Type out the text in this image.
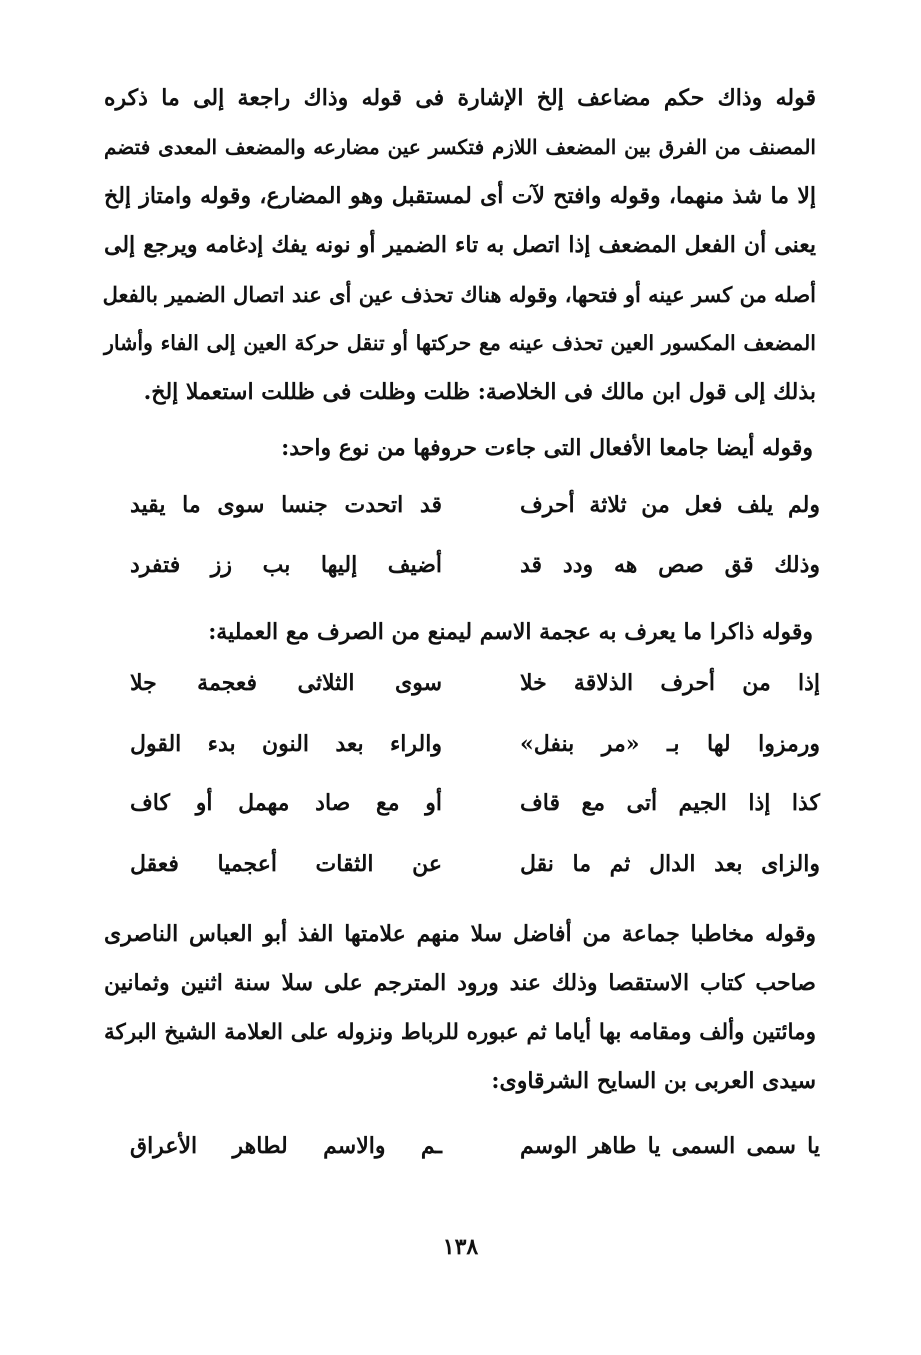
قوله وذاك حكم مضاعف إلخ الإشارة فى قوله وذاك راجعة إلى ما ذكره
المصنف من الفرق بين المضعف اللازم فتكسر عين مضارعه والمضعف المعدى فتضم
إلا ما شذ منهما، وقوله وافتح لآت أى لمستقبل وهو المضارع، وقوله وامتاز إلخ
يعنى أن الفعل المضعف إذا اتصل به تاء الضمير أو نونه يفك إدغامه ويرجع إلى
أصله من كسر عينه أو فتحها، وقوله هناك تحذف عين أى عند اتصال الضمير بالفعل
المضعف المكسور العين تحذف عينه مع حركتها أو تنقل حركة العين إلى الفاء وأشار
بذلك إلى قول ابن مالك فى الخلاصة: ظلت وظلت فى ظللت استعملا إلخ.
وقوله أيضا جامعا الأفعال التى جاءت حروفها من نوع واحد:
ولم يلف فعل من ثلاثة أحرف
قد اتحدت جنسا سوى ما يقيد
وذلك قق صص هه ودد قد
أضيف إليها بب زز فتفرد
وقوله ذاكرا ما يعرف به عجمة الاسم ليمنع من الصرف مع العملية:
إذا من أحرف الذلاقة خلا
سوى الثلاثى فعجمة جلا
ورمزوا لها بـ «مر بنفل»
والراء بعد النون بدء القول
كذا إذا الجيم أتى مع قاف
أو مع صاد مهمل أو كاف
والزاى بعد الدال ثم ما نقل
عن الثقات أعجميا فعقل
وقوله مخاطبا جماعة من أفاضل سلا منهم علامتها الفذ أبو العباس الناصرى
صاحب كتاب الاستقصا وذلك عند ورود المترجم على سلا سنة اثنين وثمانين
ومائتين وألف ومقامه بها أياما ثم عبوره للرباط ونزوله على العلامة الشيخ البركة
سيدى العربى بن السايح الشرقاوى:
يا سمى السمى يا طاهر الوسم
ـم والاسم لطاهر الأعراق
١٣٨
